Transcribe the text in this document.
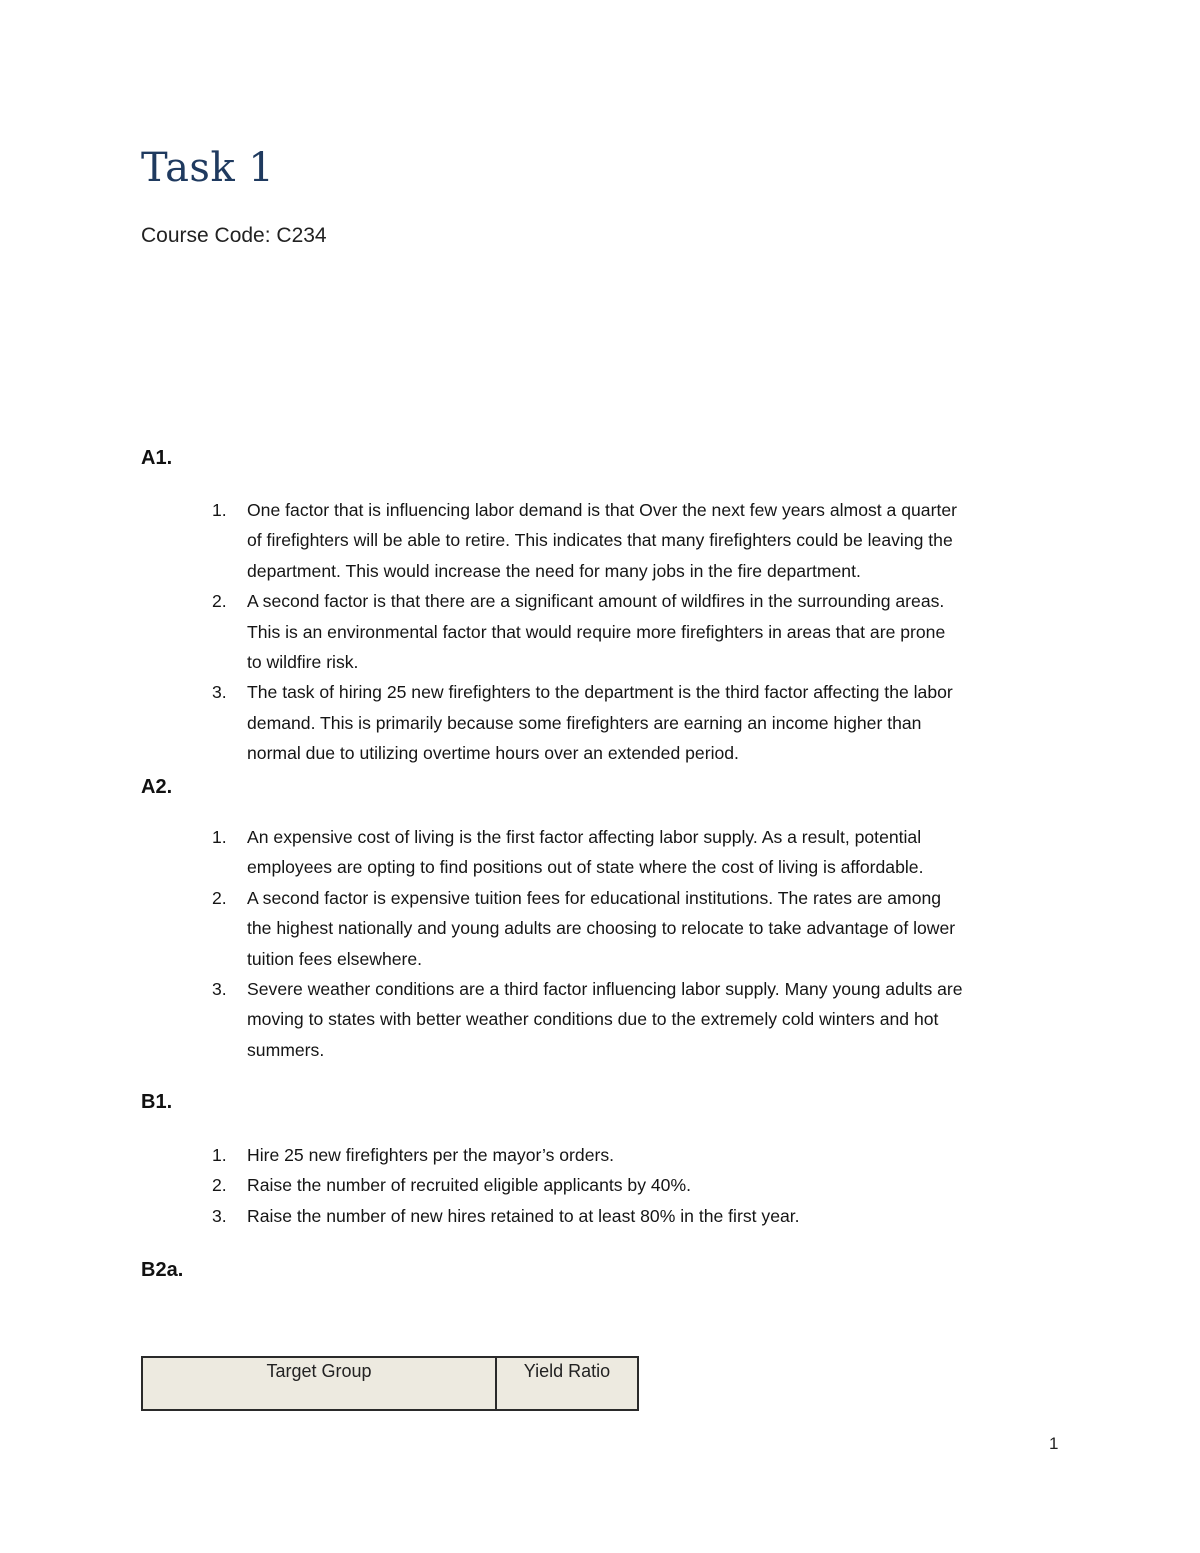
Task 1
Course Code: C234
A1.
1.	One factor that is influencing labor demand is that Over the next few years almost a quarter
of firefighters will be able to retire. This indicates that many firefighters could be leaving the
department. This would increase the need for many jobs in the fire department.
2.	A second factor is that there are a significant amount of wildfires in the surrounding areas.
This is an environmental factor that would require more firefighters in areas that are prone
to wildfire risk.
3.	The task of hiring 25 new firefighters to the department is the third factor affecting the labor
demand. This is primarily because some firefighters are earning an income higher than
normal due to utilizing overtime hours over an extended period.
A2.
1.	An expensive cost of living is the first factor affecting labor supply. As a result, potential
employees are opting to find positions out of state where the cost of living is affordable.
2.	A second factor is expensive tuition fees for educational institutions. The rates are among
the highest nationally and young adults are choosing to relocate to take advantage of lower
tuition fees elsewhere.
3.	Severe weather conditions are a third factor influencing labor supply. Many young adults are
moving to states with better weather conditions due to the extremely cold winters and hot
summers.
B1.
1.	Hire 25 new firefighters per the mayor’s orders.
2.	Raise the number of recruited eligible applicants by 40%.
3.	Raise the number of new hires retained to at least 80% in the first year.
B2a.
Target Group	Yield Ratio
1
